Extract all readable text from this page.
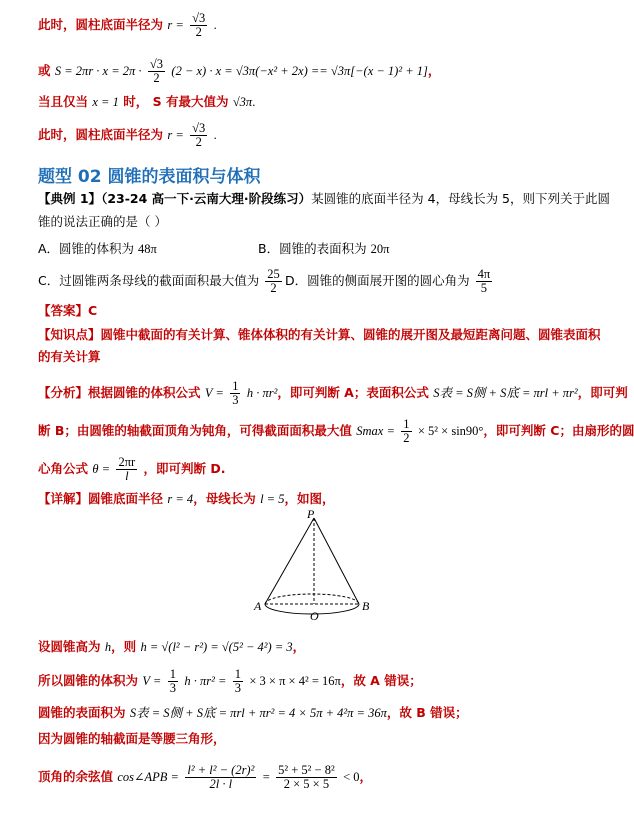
此时，圆柱底面半径为 $r = \frac{√3}{2}$ .
或 $S = 2\pi r \cdot x = 2\pi \cdot \frac{√3}{2} (2 - x) \cdot x = √3\pi(-x^2 + 2x) == √3\pi[-(x - 1)^2 + 1]$，
当且仅当 x = 1 时， S 有最大值为 √3π.
此时，圆柱底面半径为 $r = \frac{√3}{2}$ .
题型 02 圆锥的表面积与体积
【典例 1】（23-24 高一下·云南大理·阶段练习）某圆锥的底面半径为 4，母线长为 5，则下列关于此圆
锥的说法正确的是（ ）
A．圆锥的体积为 48π	B．圆锥的表面积为 20π
C．过圆锥两条母线的截面面积最大值为 $\frac{25}{2}$ D．圆锥的侧面展开图的圆心角为 $\frac{4\pi}{5}$
【答案】C
【知识点】圆锥中截面的有关计算、锥体体积的有关计算、圆锥的展开图及最短距离问题、圆锥表面积
的有关计算
【分析】根据圆锥的体积公式 $V = \frac{1}{3}$ h · πr²，即可判断 A；表面积公式 S表 = S侧 + S底 = πrl + πr²，即可判
断 B；由圆锥的轴截面顶角为钝角，可得截面面积最大值 $Smax = \frac{1}{2} \times 5^2 \times \sin 90^\circ$，即可判断 C；由扇形的圆
心角公式 $\theta = \frac{2\pi r}{l}$ ，即可判断 D.
【详解】圆锥底面半径 r = 4，母线长为 l = 5，如图，
P
A
O
B
设圆锥高为 h，则 h = √(l² − r²) = √(5² − 4²) = 3，
所以圆锥的体积为 $V = \frac{1}{3}$ $h \cdot \pi r^2 = \frac{1}{3} \times 3 \times \pi \times 4^2 = 16\pi$，故 A 错误；
圆锥的表面积为 S表 = S侧 + S底 = πrl + πr² = 4 × 5π + 4²π = 36π，故 B 错误；
因为圆锥的轴截面是等腰三角形，
顶角的余弦值 cos∠APB = $\frac{\text{l² + l² − (2r)²}}{2l \cdot l} = \frac{\text{5² + 5² − 8²}}{2 \times 5 \times 5} < 0$，
